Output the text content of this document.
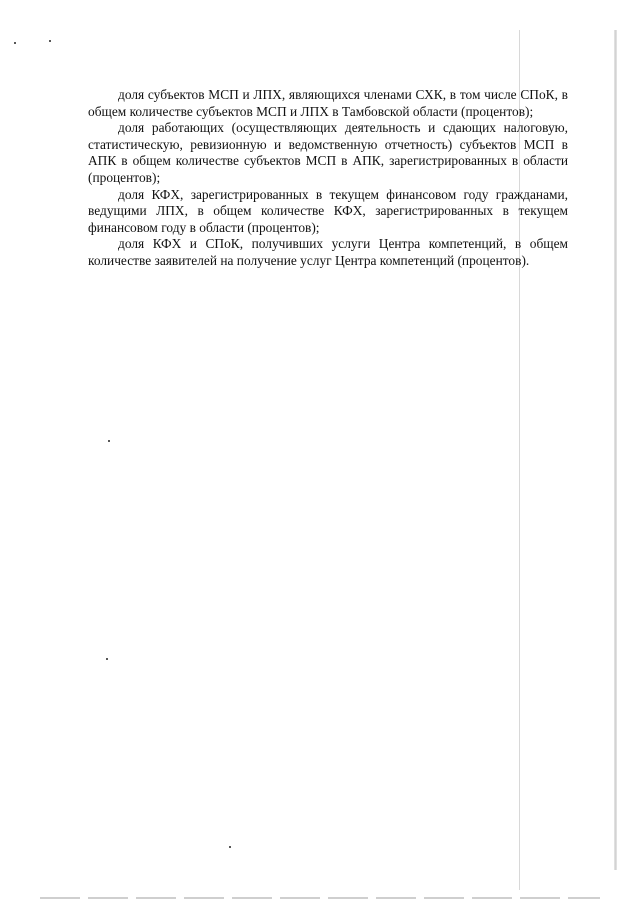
доля субъектов МСП и ЛПХ, являющихся членами СХК, в том числе СПоК, в общем количестве субъектов МСП и ЛПХ в Тамбовской области (процентов);

доля работающих (осуществляющих деятельность и сдающих налоговую, статистическую, ревизионную и ведомственную отчетность) субъектов МСП в АПК в общем количестве субъектов МСП в АПК, зарегистрированных в области (процентов);

доля КФХ, зарегистрированных в текущем финансовом году гражданами, ведущими ЛПХ, в общем количестве КФХ, зарегистрированных в текущем финансовом году в области (процентов);

доля КФХ и СПоК, получивших услуги Центра компетенций, в общем количестве заявителей на получение услуг Центра компетенций (процентов).
